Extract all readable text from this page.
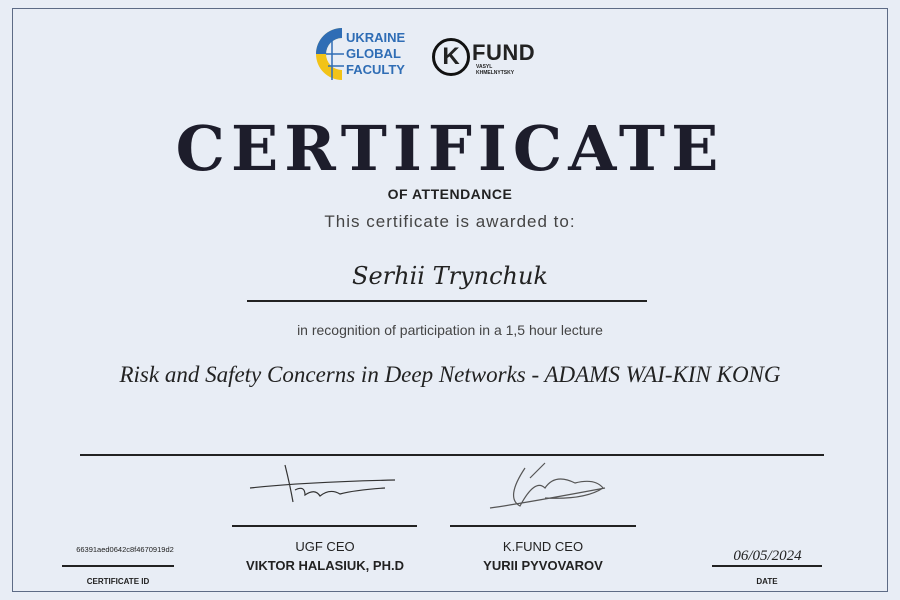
UKRAINE
GLOBAL
FACULTY	K FUND
VASYL
KHMELNYTSKY
CERTIFICATE
OF ATTENDANCE
This certificate is awarded to:
Serhii Trynchuk
in recognition of participation in a 1,5 hour lecture
Risk and Safety Concerns in Deep Networks - ADAMS WAI-KIN KONG
66391aed0642c8f4670919d2
CERTIFICATE ID
UGF CEO
VIKTOR HALASIUK, PH.D
K.FUND CEO
YURII PYVOVAROV
06/05/2024
DATE
